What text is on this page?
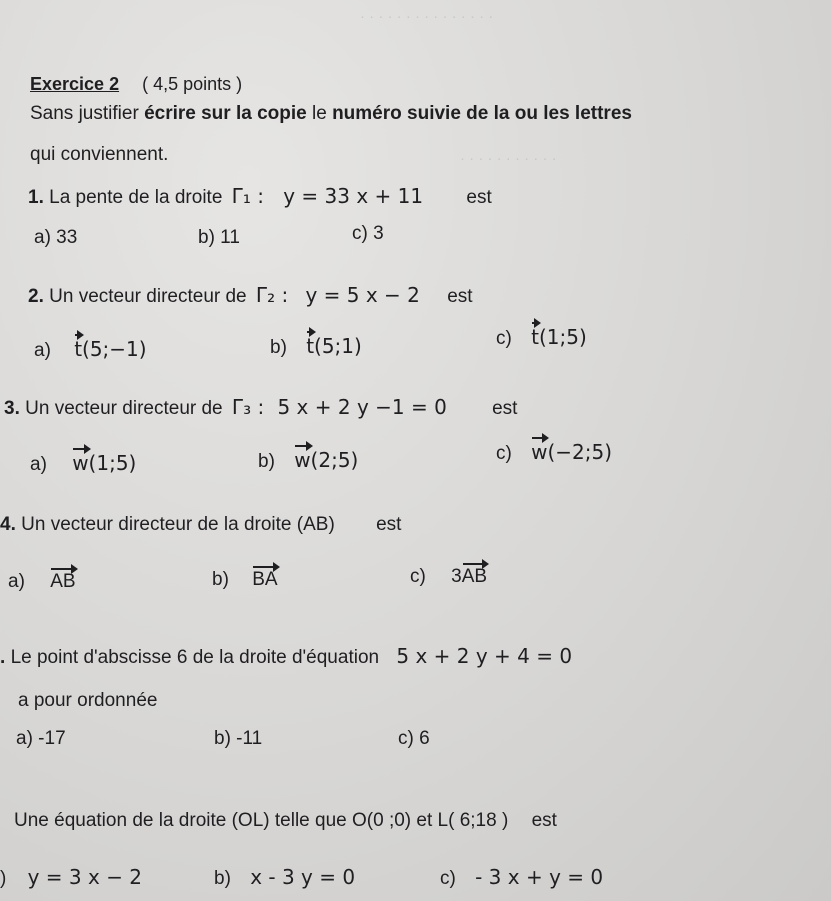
· · · · · · · · · · · · · · ·
· · · · · · · · · · ·
Exercice 2 ( 4,5 points )
Sans justifier écrire sur la copie le numéro suivie de la ou les lettres
qui conviennent.
1. La pente de la droite Γ₁ : y = 33 x + 11 est
a) 33	b) 11	c) 3
2. Un vecteur directeur de Γ₂ : y = 5 x − 2 est
a) t(5;−1)	b) t(5;1)	c) t(1;5)
3. Un vecteur directeur de Γ₃ : 5 x + 2 y −1 = 0 est
a) w(1;5)	b) w(2;5)	c) w(−2;5)
4. Un vecteur directeur de la droite (AB) est
a) AB	b) BA	c) 3AB
. Le point d'abscisse 6 de la droite d'équation 5 x + 2 y + 4 = 0
a pour ordonnée
a) -17	b) -11	c) 6
Une équation de la droite (OL) telle que O(0 ;0) et L( 6;18 ) est
) y = 3 x − 2	b) x - 3 y = 0	c) - 3 x + y = 0
